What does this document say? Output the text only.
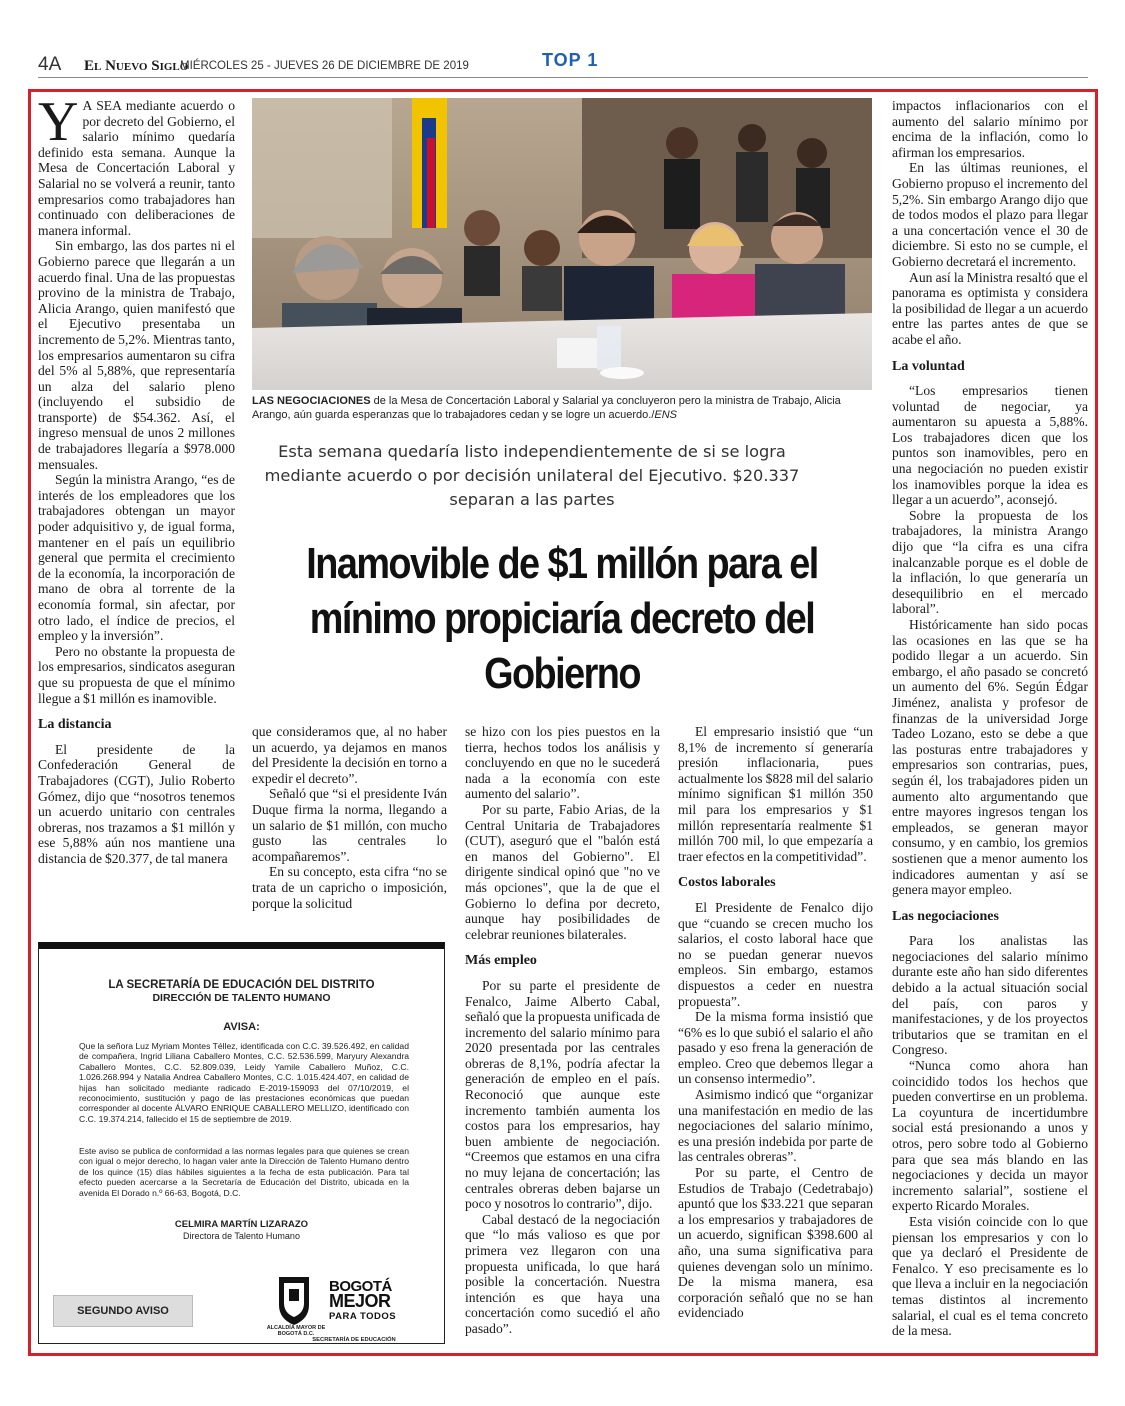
4A El Nuevo Siglo
MIÉRCOLES 25 - JUEVES 26 DE DICIEMBRE DE 2019	TOP 1

Y A SEA mediante acuerdo o por decreto del Gobierno, el salario mínimo quedaría definido esta semana. Aunque la Mesa de Concertación Laboral y Salarial no se volverá a reunir, tanto empresarios como trabajadores han continuado con deliberaciones de manera informal.

Sin embargo, las dos partes ni el Gobierno parece que llegarán a un acuerdo final. Una de las propuestas provino de la ministra de Trabajo, Alicia Arango, quien manifestó que el Ejecutivo presentaba un incremento de 5,2%. Mientras tanto, los empresarios aumentaron su cifra del 5% al 5,88%, que representaría un alza del salario pleno (incluyendo el subsidio de transporte) de $54.362. Así, el ingreso mensual de unos 2 millones de trabajadores llegaría a $978.000 mensuales.

Según la ministra Arango, “es de interés de los empleadores que los trabajadores obtengan un mayor poder adquisitivo y, de igual forma, mantener en el país un equilibrio general que permita el crecimiento de la economía, la incorporación de mano de obra al torrente de la economía formal, sin afectar, por otro lado, el índice de precios, el empleo y la inversión”.

Pero no obstante la propuesta de los empresarios, sindicatos aseguran que su propuesta de que el mínimo llegue a $1 millón es inamovible.

La distancia

El presidente de la Confederación General de Trabajadores (CGT), Julio Roberto Gómez, dijo que “nosotros tenemos un acuerdo unitario con centrales obreras, nos trazamos a $1 millón y ese 5,88% aún nos mantiene una distancia de $20.377, de tal manera

LAS NEGOCIACIONES de la Mesa de Concertación Laboral y Salarial ya concluyeron pero la ministra de Trabajo, Alicia Arango, aún guarda esperanzas que lo trabajadores cedan y se logre un acuerdo./ENS
Esta semana quedaría listo independientemente de si se logra mediante acuerdo o por decisión unilateral del Ejecutivo. $20.337 separan a las partes
Inamovible de $1 millón para el mínimo propiciaría decreto del Gobierno

que consideramos que, al no haber un acuerdo, ya dejamos en manos del Presidente la decisión en torno a expedir el decreto”.

Señaló que “si el presidente Iván Duque firma la norma, llegando a un salario de $1 millón, con mucho gusto las centrales lo acompañaremos”.

En su concepto, esta cifra “no se trata de un capricho o imposición, porque la solicitud

se hizo con los pies puestos en la tierra, hechos todos los análisis y concluyendo en que no le sucederá nada a la economía con este aumento del salario”.

Por su parte, Fabio Arias, de la Central Unitaria de Trabajadores (CUT), aseguró que el "balón está en manos del Gobierno". El dirigente sindical opinó que "no ve más opciones", que la de que el Gobierno lo defina por decreto, aunque hay posibilidades de celebrar reuniones bilaterales.

Más empleo

Por su parte el presidente de Fenalco, Jaime Alberto Cabal, señaló que la propuesta unificada de incremento del salario mínimo para 2020 presentada por las centrales obreras de 8,1%, podría afectar la generación de empleo en el país. Reconoció que aunque este incremento también aumenta los costos para los empresarios, hay buen ambiente de negociación. “Creemos que estamos en una cifra no muy lejana de concertación; las centrales obreras deben bajarse un poco y nosotros lo contrario”, dijo.

Cabal destacó de la negociación que “lo más valioso es que por primera vez llegaron con una propuesta unificada, lo que hará posible la concertación. Nuestra intención es que haya una concertación como sucedió el año pasado”.

El empresario insistió que “un 8,1% de incremento sí generaría presión inflacionaria, pues actualmente los $828 mil del salario mínimo significan $1 millón 350 mil para los empresarios y $1 millón representaría realmente $1 millón 700 mil, lo que empezaría a traer efectos en la competitividad”.

Costos laborales

El Presidente de Fenalco dijo que “cuando se crecen mucho los salarios, el costo laboral hace que no se puedan generar nuevos empleos. Sin embargo, estamos dispuestos a ceder en nuestra propuesta”.

De la misma forma insistió que “6% es lo que subió el salario el año pasado y eso frena la generación de empleo. Creo que debemos llegar a un consenso intermedio”.

Asimismo indicó que “organizar una manifestación en medio de las negociaciones del salario mínimo, es una presión indebida por parte de las centrales obreras”.

Por su parte, el Centro de Estudios de Trabajo (Cedetrabajo) apuntó que los $33.221 que separan a los empresarios y trabajadores de un acuerdo, significan $398.600 al año, una suma significativa para quienes devengan solo un mínimo. De la misma manera, esa corporación señaló que no se han evidenciado

impactos inflacionarios con el aumento del salario mínimo por encima de la inflación, como lo afirman los empresarios.

En las últimas reuniones, el Gobierno propuso el incremento del 5,2%. Sin embargo Arango dijo que de todos modos el plazo para llegar a una concertación vence el 30 de diciembre. Si esto no se cumple, el Gobierno decretará el incremento.

Aun así la Ministra resaltó que el panorama es optimista y considera la posibilidad de llegar a un acuerdo entre las partes antes de que se acabe el año.

La voluntad

“Los empresarios tienen voluntad de negociar, ya aumentaron su apuesta a 5,88%. Los trabajadores dicen que los puntos son inamovibles, pero en una negociación no pueden existir los inamovibles porque la idea es llegar a un acuerdo”, aconsejó.

Sobre la propuesta de los trabajadores, la ministra Arango dijo que “la cifra es una cifra inalcanzable porque es el doble de la inflación, lo que generaría un desequilibrio en el mercado laboral”.

Históricamente han sido pocas las ocasiones en las que se ha podido llegar a un acuerdo. Sin embargo, el año pasado se concretó un aumento del 6%. Según Édgar Jiménez, analista y profesor de finanzas de la universidad Jorge Tadeo Lozano, esto se debe a que las posturas entre trabajadores y empresarios son contrarias, pues, según él, los trabajadores piden un aumento alto argumentando que entre mayores ingresos tengan los empleados, se generan mayor consumo, y en cambio, los gremios sostienen que a menor aumento los indicadores aumentan y así se genera mayor empleo.

Las negociaciones

Para los analistas las negociaciones del salario mínimo durante este año han sido diferentes debido a la actual situación social del país, con paros y manifestaciones, y de los proyectos tributarios que se tramitan en el Congreso.

“Nunca como ahora han coincidido todos los hechos que pueden convertirse en un problema. La coyuntura de incertidumbre social está presionando a unos y otros, pero sobre todo al Gobierno para que sea más blando en las negociaciones y decida un mayor incremento salarial”, sostiene el experto Ricardo Morales.

Esta visión coincide con lo que piensan los empresarios y con lo que ya declaró el Presidente de Fenalco. Y eso precisamente es lo que lleva a incluir en la negociación temas distintos al incremento salarial, el cual es el tema concreto de la mesa.

LA SECRETARÍA DE EDUCACIÓN DEL DISTRITO
DIRECCIÓN DE TALENTO HUMANO
AVISA:
Que la señora Luz Myriam Montes Téllez, identificada con C.C. 39.526.492, en calidad de compañera, Ingrid Liliana Caballero Montes, C.C. 52.536.599, Maryury Alexandra Caballero Montes, C.C. 52.809.039, Leidy Yamile Caballero Muñoz, C.C. 1.026.268.994 y Natalia Andrea Caballero Montes, C.C. 1.015.424.407, en calidad de hijas han solicitado mediante radicado E-2019-159093 del 07/10/2019, el reconocimiento, sustitución y pago de las prestaciones económicas que puedan corresponder al docente ÁLVARO ENRIQUE CABALLERO MELLIZO, identificado con C.C. 19.374.214, fallecido el 15 de septiembre de 2019.
Este aviso se publica de conformidad a las normas legales para que quienes se crean con igual o mejor derecho, lo hagan valer ante la Dirección de Talento Humano dentro de los quince (15) días hábiles siguientes a la fecha de esta publicación. Para tal efecto pueden acercarse a la Secretaría de Educación del Distrito, ubicada en la avenida El Dorado n.º 66-63, Bogotá, D.C.
CELMIRA MARTÍN LIZARAZO
Directora de Talento Humano
SEGUNDO AVISO
ALCALDÍA MAYOR DE BOGOTÁ D.C.
BOGOTÁ
MEJOR
PARA TODOS
SECRETARÍA DE EDUCACIÓN
